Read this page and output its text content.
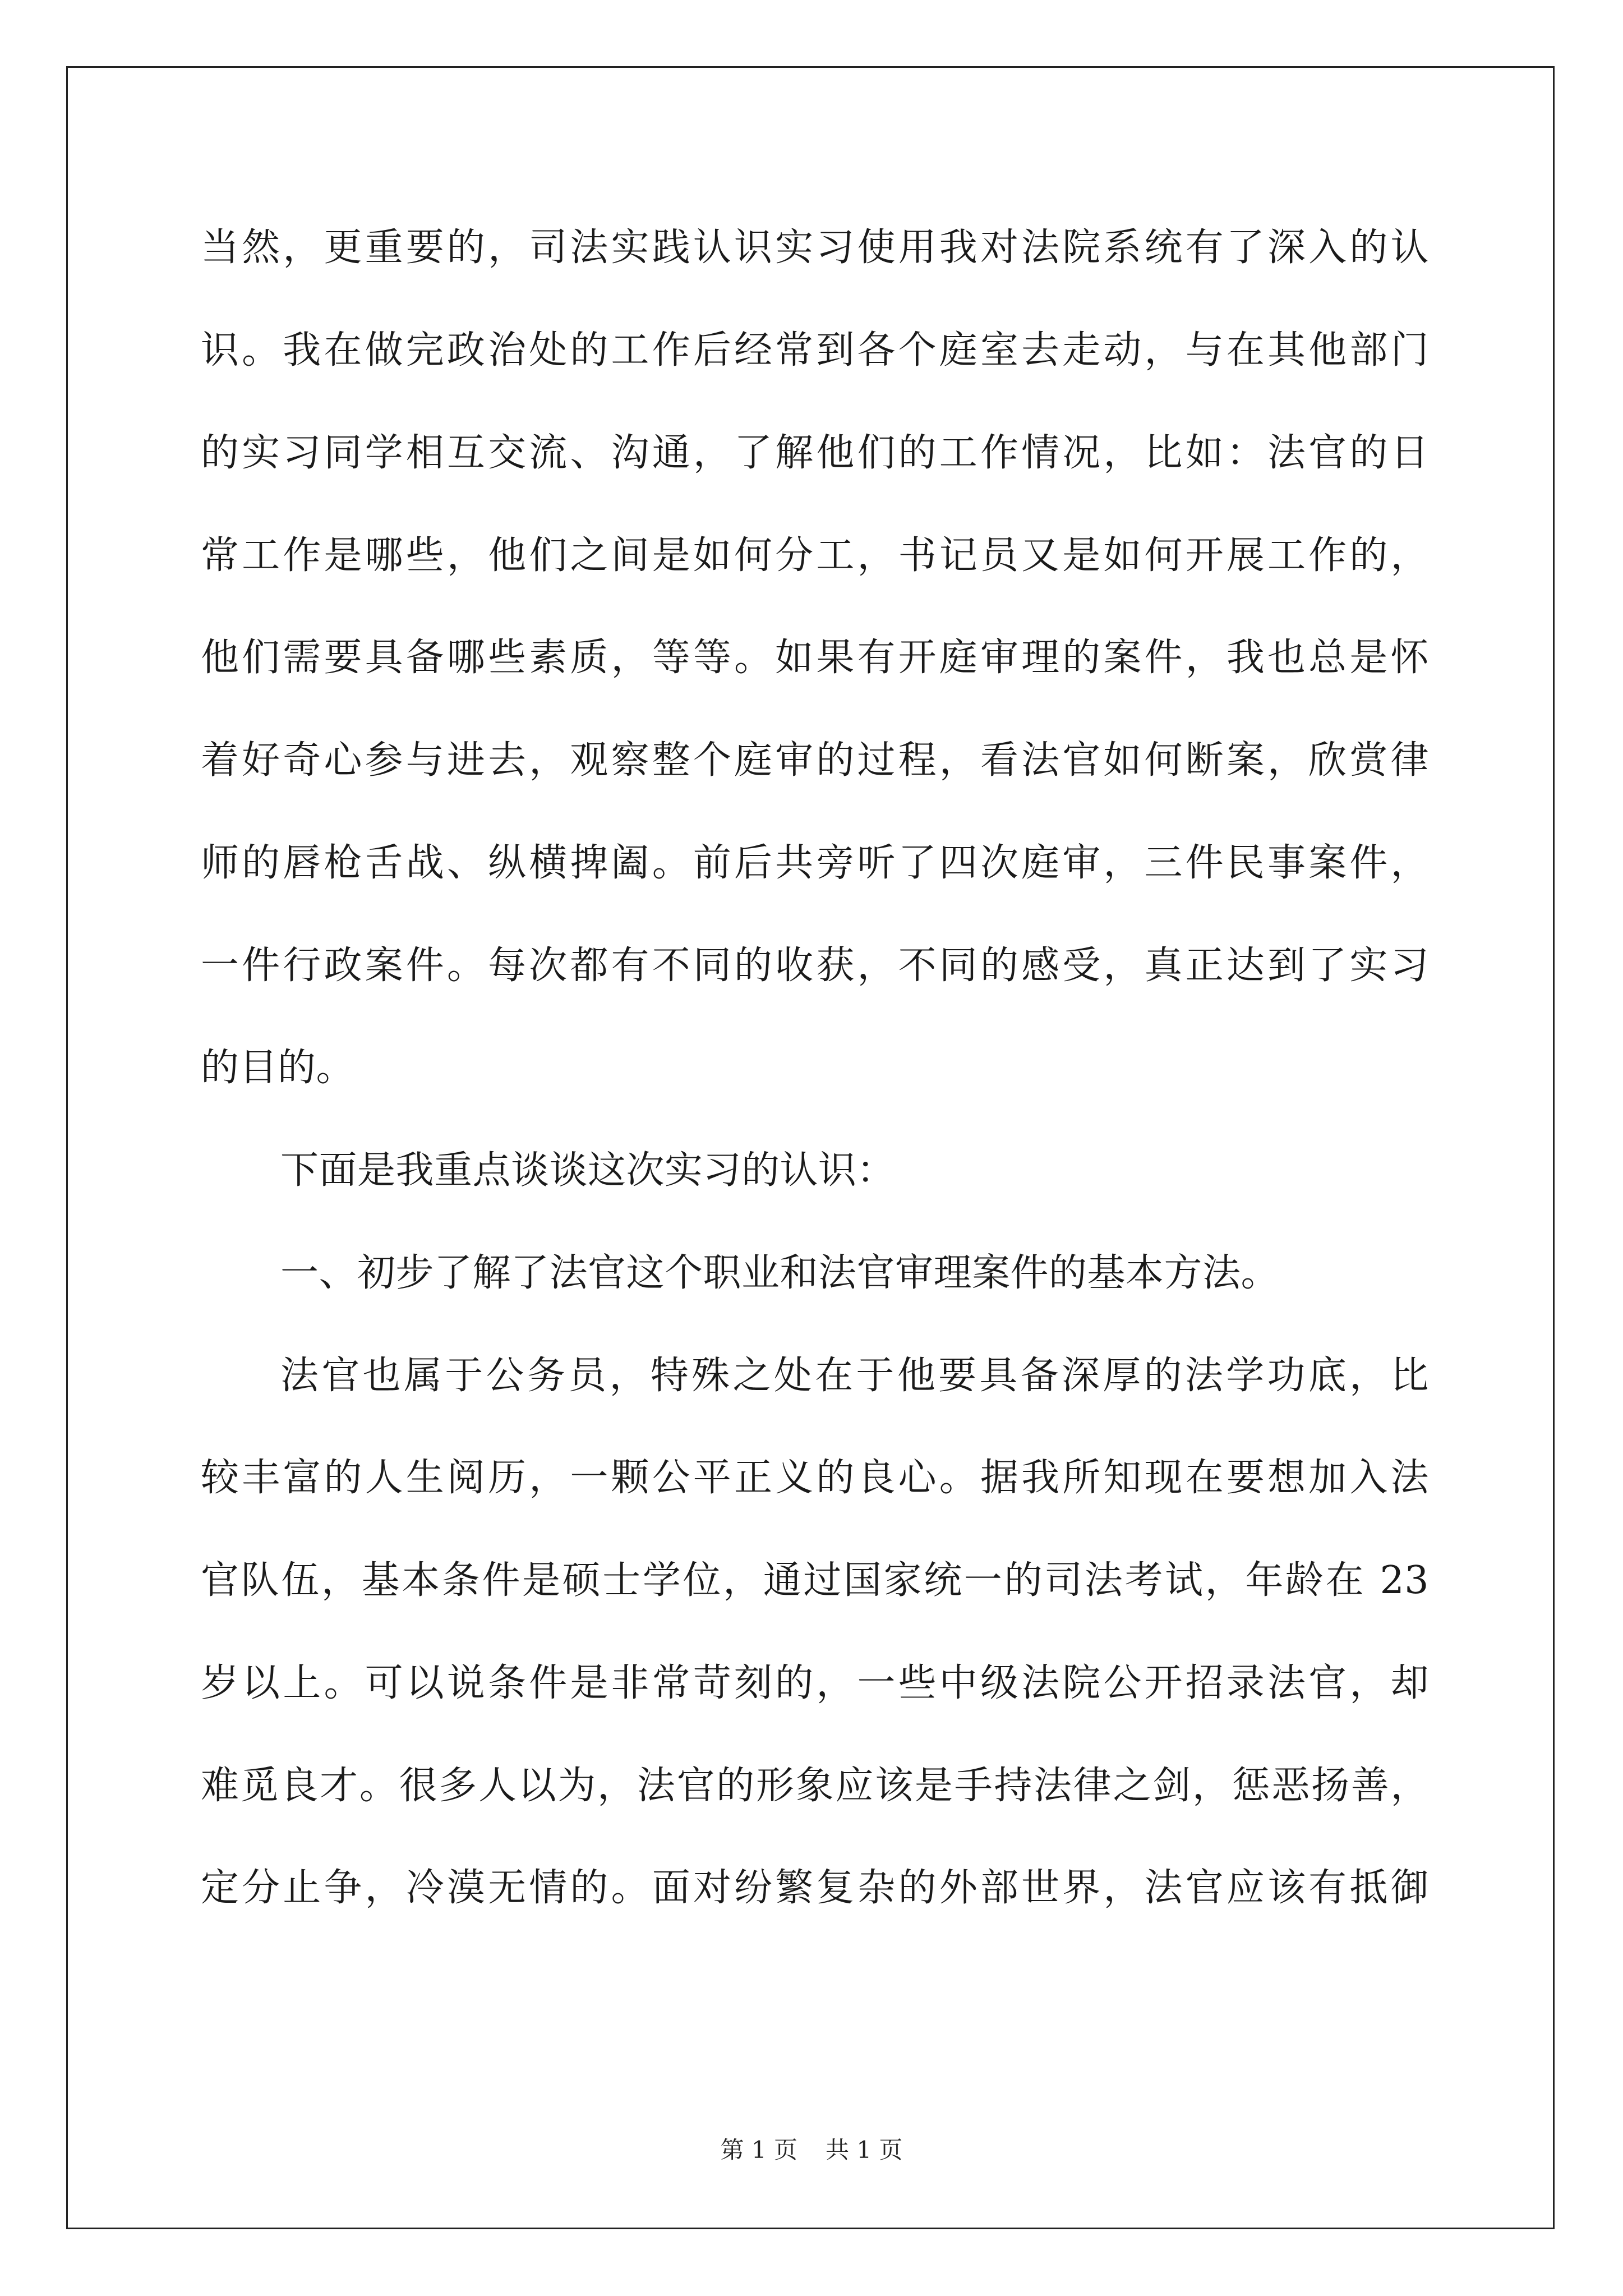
当然，更重要的，司法实践认识实习使用我对法院系统有了深入的认
识。我在做完政治处的工作后经常到各个庭室去走动，与在其他部门
的实习同学相互交流、沟通，了解他们的工作情况，比如：法官的日
常工作是哪些，他们之间是如何分工，书记员又是如何开展工作的，
他们需要具备哪些素质，等等。如果有开庭审理的案件，我也总是怀
着好奇心参与进去，观察整个庭审的过程，看法官如何断案，欣赏律
师的唇枪舌战、纵横捭阖。前后共旁听了四次庭审，三件民事案件，
一件行政案件。每次都有不同的收获，不同的感受，真正达到了实习
的目的。
下面是我重点谈谈这次实习的认识：
一、初步了解了法官这个职业和法官审理案件的基本方法。
法官也属于公务员，特殊之处在于他要具备深厚的法学功底，比
较丰富的人生阅历，一颗公平正义的良心。据我所知现在要想加入法
官队伍，基本条件是硕士学位，通过国家统一的司法考试，年龄在 23
岁以上。可以说条件是非常苛刻的，一些中级法院公开招录法官，却
难觅良才。很多人以为，法官的形象应该是手持法律之剑，惩恶扬善，
定分止争，冷漠无情的。面对纷繁复杂的外部世界，法官应该有抵御
第 1 页 共 1 页
